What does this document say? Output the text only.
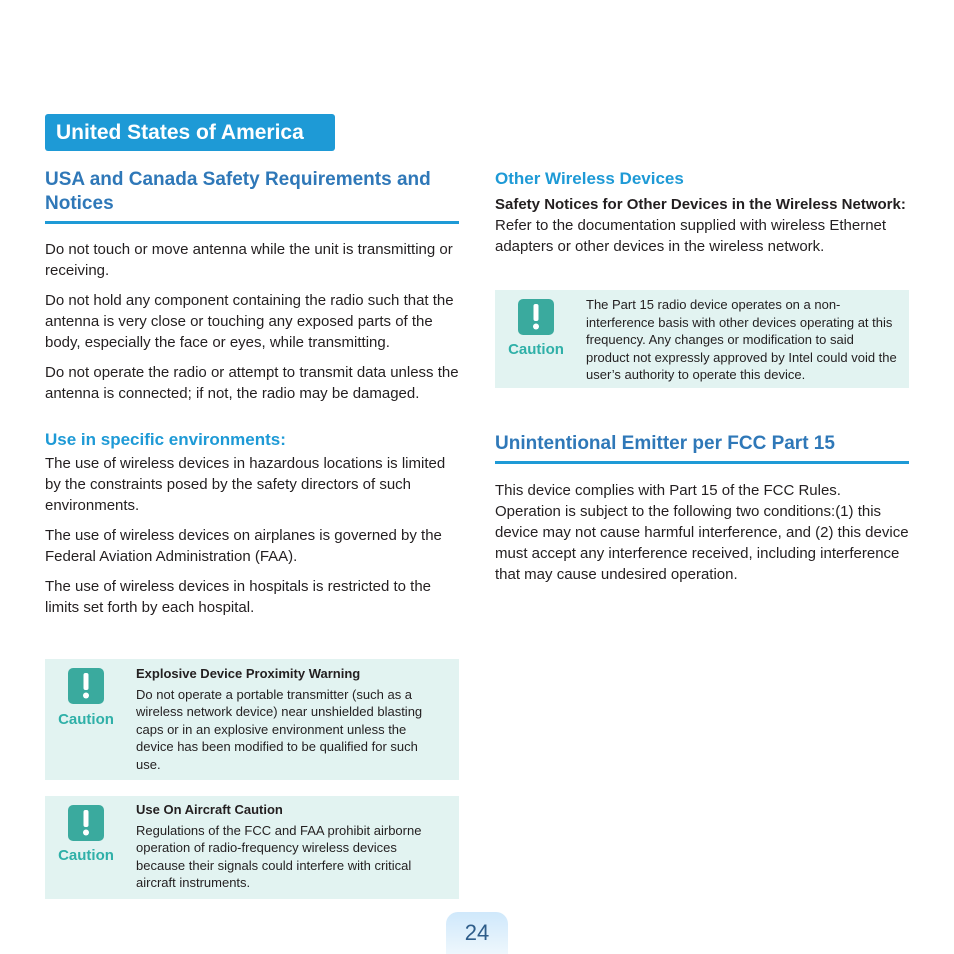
United States of America
USA and Canada Safety Requirements and Notices

Do not touch or move antenna while the unit is transmitting or receiving.

Do not hold any component containing the radio such that the antenna is very close or touching any exposed parts of the body, especially the face or eyes, while transmitting.

Do not operate the radio or attempt to transmit data unless the antenna is connected; if not, the radio may be damaged.

Use in specific environments:

The use of wireless devices in hazardous locations is limited by the constraints posed by the safety directors of such environments.

The use of wireless devices on airplanes is governed by the Federal Aviation Administration (FAA).

The use of wireless devices in hospitals is restricted to the limits set forth by each hospital.

Caution
Explosive Device Proximity Warning
Do not operate a portable transmitter (such as a wireless network device) near unshielded blasting caps or in an explosive environment unless the device has been modified to be qualified for such use.
Caution
Use On Aircraft Caution
Regulations of the FCC and FAA prohibit airborne operation of radio-frequency wireless devices because their signals could interfere with critical aircraft instruments.
Other Wireless Devices

Safety Notices for Other Devices in the Wireless Network: Refer to the documentation supplied with wireless Ethernet adapters or other devices in the wireless network.

Caution
The Part 15 radio device operates on a non-interference basis with other devices operating at this frequency. Any changes or modification to said product not expressly approved by Intel could void the user’s authority to operate this device.
Unintentional Emitter per FCC Part 15

This device complies with Part 15 of the FCC Rules. Operation is subject to the following two conditions:(1) this device may not cause harmful interference, and (2) this device must accept any interference received, including interference that may cause undesired operation.

24
